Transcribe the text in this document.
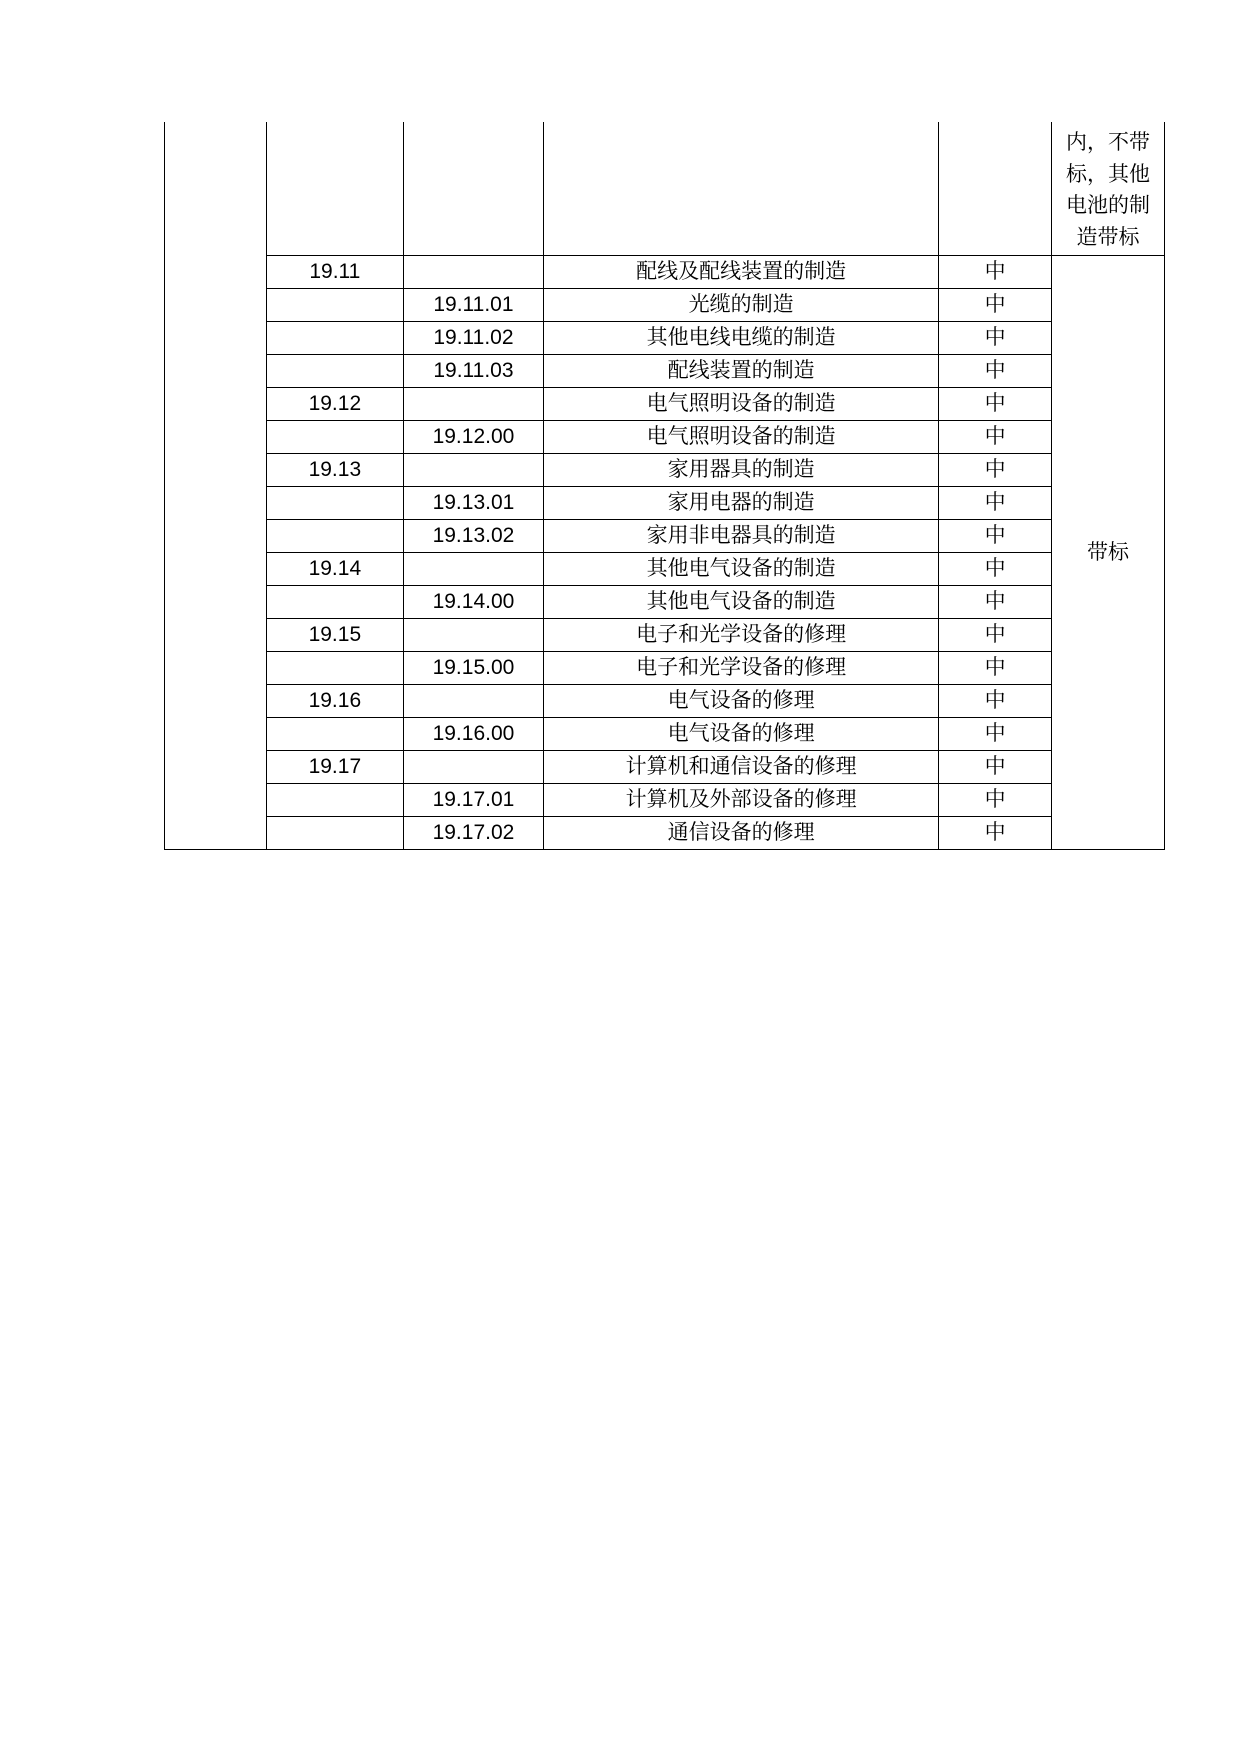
					内，不带
标，其他
电池的制
造带标

	19.11		配线及配线装置的制造	中	带标
		19.11.01	光缆的制造	中	
		19.11.02	其他电线电缆的制造	中	
		19.11.03	配线装置的制造	中	
	19.12		电气照明设备的制造	中	
		19.12.00	电气照明设备的制造	中	
	19.13		家用器具的制造	中	
		19.13.01	家用电器的制造	中	
		19.13.02	家用非电器具的制造	中	
	19.14		其他电气设备的制造	中	
		19.14.00	其他电气设备的制造	中	
	19.15		电子和光学设备的修理	中	
		19.15.00	电子和光学设备的修理	中	
	19.16		电气设备的修理	中	
		19.16.00	电气设备的修理	中	
	19.17		计算机和通信设备的修理	中	
		19.17.01	计算机及外部设备的修理	中	
		19.17.02	通信设备的修理	中	
